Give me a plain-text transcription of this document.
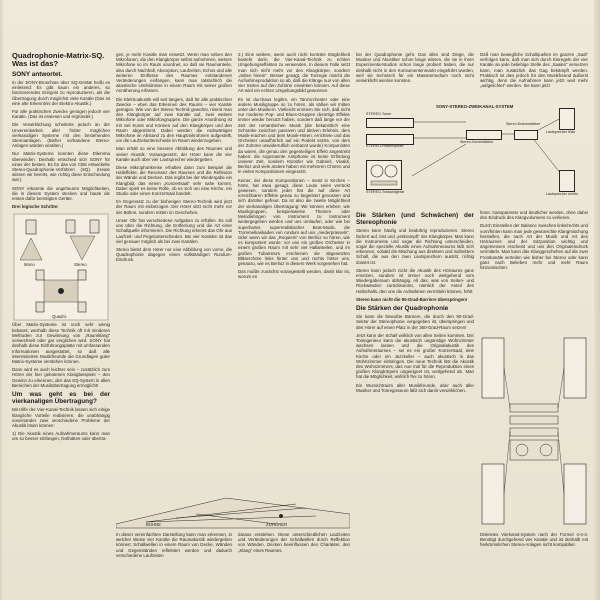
Quadrophonie-Matrix-SQ. Was ist das?
SONY antwortet.

In der SONY-Broschüre über SQ-Geräte heißt es einleitend: Es gibt kaum ein anderes, so faszinierendes Ereignis zu reproduzieren, als die Übertragung durch möglichst viele Kanäle (Das ist eine alte Erkenntnis der Elektro-Akustik.)

Für alle praktischen Zwecke genügen jedoch vier Kanäle. (Das ist erwiesen und ergründet.)

Die Verwirklichung scheiterte jedoch an der Unvereinbarkeit aller früher möglichen vierkanaligen Systeme mit den bestehenden Stereoanlagen. (Bisher vorhandene Stereo-Anlagen würden veralten.)

Nur Matrix-Systeme konnten diese Dilemma überwinden. Deshalb entschied sich SONY für eines der besten. Es für das von CBS entwickelte Stereo-Quadrophonie-Verfahren (SQ). (Heute wissen wir bereits, wie richtig diese Entscheidung war.)

SONY erkannte die ungeheuren Möglichkeiten, die in diesem System stecken und baute die ersten dafür benötigten Geräte.

Drei logische Schritte:

Mono	Stereo
Quadro

Über Matrix-Systeme ist noch sehr wenig bekannt, weshalb diese Technik oft mit minderen Methoden zur Gewinnung von „Raumklang“ verwechselt oder gar verglichen wird. SONY hat deshalb diese Einführungsplatte mit umfassenden Informationen ausgestattet, so daß alle interessierten Musikfreunde die Grundlagen guter Matrix-Systeme verstehen können.

Dann wird es auch leichter sein – zusätzlich zum Hören der hier gebotenen Klangbeispiele – den Gewinn zu erkennen, den das SQ-System in allen Bereichen der Musikübertragung ermöglicht!

Um was geht es bei der vierkanaligen Übertragung?

Mit Hilfe der Vier-Kanal-Technik lassen sich einige klangliche Vorteile realisieren, die unabhängig voneinander zwei verschiedene Probleme der Akustik lösen können:

1) Die Akustik eines Aufnahmeraums kann man um so besser einfangen, festhalten oder übertra-

gen, je mehr Kanäle man einsetzt. Wenn man neben den Mikrofonen, die den Klangkörper selbst aufnehmen, weitere Mikrofone so im Raum anordnet, so daß sie Raumanteile, also durch Nachhall, Absorption, Laufzeiten, Echos und alle weiteren Einflüsse des Raumes entstandenen Veränderungen einfangen, kann man tatsächlich die akustische Umfeldnisse in einem Raum mit seiner großen Annäherung erfassen.

Die Elektroakustik will seit langem, daß für alle praktischen Zwecke – eben das Erkennen des Raums – vier Kanäle genügen. Wie von der Stereo-Technik gewohnt, nimmt man den Klangkörper auf zwei Kanäle auf, zwei weitere Mikrofone oder Mikrofongruppen. Die ganze Anordnung ist mit viel Kunst und Können auf den Klangkörper und den Raum abgestimmt. Dabei werden die rückwärtigen Mikrofone im Abstand zu den Hauptmikrofonen aufgestellt, um die Laufzeitunterschiede im Raum wiederzugeben.

Man erhält so eine bessere Abbildung des Raumes und seiner Akustik. Vorausgesetzt, der Hörer kann die vier Kanäle auch über vier Lautsprecher wiedergeben.

Diese Mikrophonkreise erhalten dann zum Beispiel die Halleffekte, die Resonanz des Raumes und die Reflexion der Wände und Decken. Das ergibt bei der Wiedergabe ein Klangbild, das einem „Konzertsaal“ sehr nahe kommt. Dabei spielt es keine Rolle, ob es sich um eine Kirche, ein Studio oder einen Konzertsaal handelt.

Im Gegensatz zu der bisherigen Stereo-Technik wird jetzt der Raum mit einbezogen. Der Hörer sitzt nicht mehr vor der Bühne, sondern mitten im Geschehen.

Unser Ohr hat verschiedene Aufgaben zu erfüllen. Es soll uns über die Richtung, die Entfernung und die Art einer Schallquelle informieren. Die Richtung erkennt das Ohr aus Laufzeit- und Pegelunterschieden. Bei vier Kanälen ist das viel genauer möglich als bei zwei Kanälen.

Stereo bietet dem Hörer nur eine Abbildung von vorne, die Quadrophonie dagegen einen vollständigen Rundum-Eindruck.

2.) Eine weitere, wenn auch nicht konträre Möglichkeit besteht darin, die Vier-Kanal-Technik zu echten Umgebungseffekten zu verwenden. In diesem Falle setzt man sich nicht mehr vor den Klangkörper, sondern „mitten hinein“. Besser gesagt, die Tonregie mischt die Aufnahmeproduktion so ab, daß die Klänge nun von allen vier Seiten auf den Zuhörer einwirken können. Auf diese Art wird ein echtes Umgebungsbild gewonnen.

Es ist durchaus legitim, ein Tanzorchester oder eine andere Musikgruppe so zu hören, als säßen wir mitten unter den Musikern. Vielleicht erinnern Sie sich, daß nicht nur moderne Pop- und Blues-Gruppen derartige Effekte immer wieder benutzt haben, sondern daß lange vor der Zeit der romantischen Musik (die bekanntlich eine Schranke zwischen passiven und aktiven Erlebnis, dem Musik-machen und dem Musik-Hören, errichtete und das Orchester unaufhörlich auf ein Podest setzte, von dem der Zuhörer unwiderruflich verbannt wurde) Komponisten da waren, die genau den gegenteiligen Effekt angestrebt haben: die sogenannte Antiphonie ist keine Erfindung unserer Zeit, sondern Künstler wie Gabrieli, Vivaldi, Berlioz und viele andere haben mit mehreren Chören und in vielen Kompositionen eingesetzt.

Keiner, der diese Kompositionen – meist in Kirchen – hörte, hat etwa gesagt, diese Leute seien verrückt gewesen, sondern jeder hat die auf diese Art erreichbaren Effekte genau so begeistert genossen und sich darüber gefreut. Da ist also die zweite Möglichkeit der vierkanaligen Übertragung: Wir können erleben, wie Musikgruppen, beispielsweise Themen oder Melodiebögen von Instrument zu Instrument weitergegeben werden und uns umlaufen, oder wie bei superharter, superrealistischer Beat-Musik, die Trommelkaskaden von rundum auf uns „niederprasseln“. Oder wenn wir das „Requiem“ von Berlioz so hören, wie es komponiert wurde: vor uns ein großes Orchester in einem großen Raum mit sehr viel Hallanteilen, und im großen Tubamirum erscheinen die abgesetzten Bläserchöre links hinter uns und rechts hinter uns, genauso, wie es Berlioz in diesem Werk vorgesehen hat.

Das mußte zunächst vorangestellt werden, damit klar ist, worum es

BÜHNE	ZUHÖRER

In dieser vereinfachten Darstellung kann man erkennen, in welcher Weise vier Kanäle die Raumakustik wiedergeben können: Schallwellen in einem Raum von Decke, Wänden und Gegenständen reflektiert werden und dadurch verschiedene Laufzeiten

daraus entstehen. Diese unterschiedlichen Laufzeiten und Veränderungen der Schallwellen durch Reflektion von Wänden, Decken beeinflussen den Charakter, den „Klang“ eines Raumes.

bei der Quadrophonie geht. Das alles sind Dinge, die Musiker und Akustiker schon lange wissen, die sie in ihren Experimentierstudios schon lange probiert haben, die nur deshalb nicht in den Konsumentenmarkt eingeführt wurden, weil sie technisch für ein Massenmedium noch nicht verwirklicht werden konnten.

Daß man bewegliche Schallquellen im ganzen „Saal“ verfolgen kann, daß man sich durch Einregeln der vier Kanäle an jede beliebige Stelle des „Saales“ versetzen kann, man zusätzlich das Gag bekämpft werden. Praktisch ist dies jedoch für den Musikfreund äußerst wichtig, denn die Aufnahmen kann jetzt weit mehr „aufgelichtet“ werden. Sie kann jetzt

SONY-STEREO-ZWEIKANAL-SYSTEM
STEREO-Tuner
STEREO-Plattenspieler
Stereo-Vorverstärker
Stereo-Endverstärker
STEREO-Tonbandgerät
Lautsprecher links
Lautsprecher rechts
Die Stärken (und Schwächen) der Stereophonie

Stereo kann häufig und beidohrig reproduzieren. Stereo fächert auf, löst und „entkrampft“ der Klangkörper. Man kann die Instrumente und sogar die Richtung unterscheiden, sogar die spezielle Akustik eines Aufnahmeraums läßt sich erkennen, sobald die Mischung aus direktem und indirektem Schall, die aus den zwei Lautsprechern austritt, richtig dosiert ist.

Stereo kann jedoch nicht die Akustik des Hörraums ganz ersetzen, sondern ist immer noch weitgehend vom Wiedergaberaum abhängig. All das, was von Seiten- und Rückwänden zurückkommt, nämlich der Anteil des Hallschalls, den uns die Aufnahmen vermitteln können, fehlt.

Stereo kann nicht die 90-Grad-Barriere überspringen!

Die Stärken der Quadrophonie

Sie kann die bewußte Barriere, die durch den 90-Grad-Sektor der Stereophonie vorgegeben ist, überspringen und den Hörer auf einen Platz in der 360-Grad-Raum setzen!

Jetzt kann der Schall wirklich von allen Seiten kommen. Der Toningenieur kann die akustisch ungünstige Wohnzimmer wachsen lassen und die Originalakustik des Aufnahmeraumes – sei es ein großer Konzertsaal, eine Kirche oder ein Jazzkeller – auch akustisch in das Wohnzimmer einbringen. Die neue Technik löst die Akustik des Wohnzimmers, das nun mal für die Reproduktion eines großen Klangkörpers ungeeignet ist, weitgehend ab. Man hat die Möglichkeit, wirklich frei zu hören.

Ein Wunschtraum aller Musikfreunde, aber auch aller Musiker und Tonregisseure läßt sich damit verwirklichen.

fener, transparenter und deutlicher werden, ohne dabei den Eindruck des Klangvolumens zu verlieren.

Durch Einstellen der Balance zwischen links/rechts und vorn/hinten kann man jede gewünschte Klangmischung herstellen, die nach Art der Musik und Art des Hörraumes und der Sitzposition wichtig und angemessen erscheint und uns den Originaleindruck vermitteln. Man kann das Klanggeschehen auf die zwei Frontkanäle verteilen wie bisher bei Stereo oder kann ganz nach Belieben mehr und mehr Raum hinzumischen.

Diskretes Vierkanal-System nach der Formel 4-4-4. Benötigt durchgehend vier Kanäle und ist deshalb mit herkömmlichen Stereo-Anlagen nicht kompatibel.
